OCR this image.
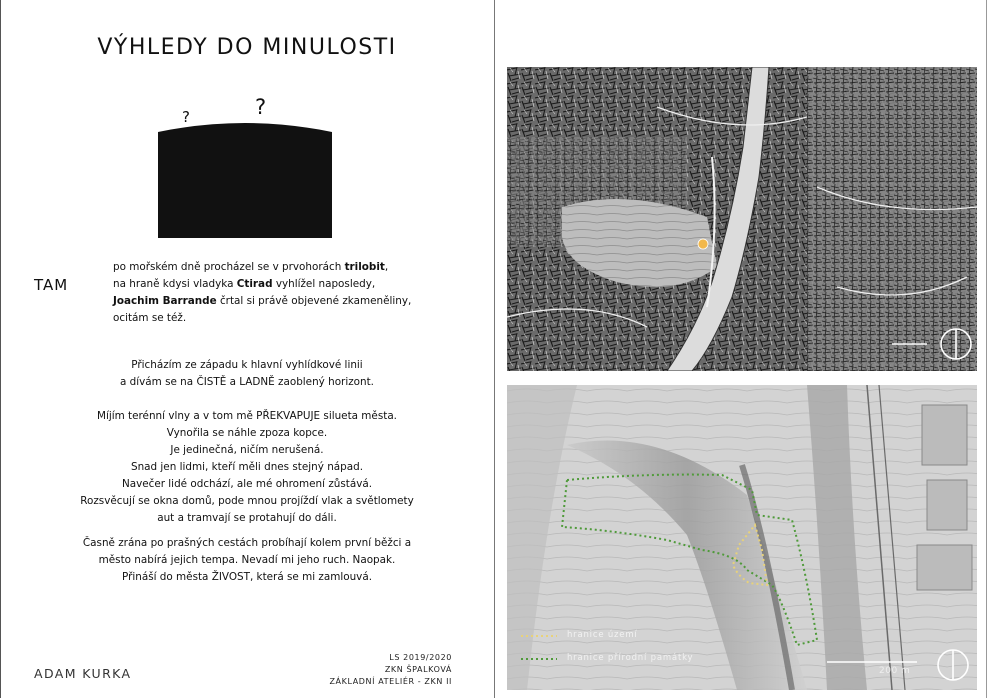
VÝHLEDY DO MINULOSTI
?	?
TAM

po mořském dně procházel se v prvohorách trilobit,

na hraně kdysi vladyka Ctirad vyhlížel naposledy,

Joachim Barrande črtal si právě objevené zkameněliny,

ocitám se též.

Přicházím ze západu k hlavní vyhlídkové linii

a dívám se na ČISTĚ a LADNĚ zaoblený horizont.

Míjím terénní vlny a v tom mě PŘEKVAPUJE silueta města.

Vynořila se náhle zpoza kopce.

Je jedinečná, ničím nerušená.

Snad jen lidmi, kteří měli dnes stejný nápad.

Navečer lidé odchází, ale mé ohromení zůstává.

Rozsvěcují se okna domů, pode mnou projíždí vlak a světlomety

aut a tramvají se protahují do dáli.

Časně zrána po prašných cestách probíhají kolem první běžci a

město nabírá jejich tempa. Nevadí mi jeho ruch. Naopak.

Přináší do města ŽIVOST, která se mi zamlouvá.

ADAM KURKA
LS 2019/2020
ZKN ŠPALKOVÁ
ZÁKLADNÍ ATELIÉR - ZKN II
hranice území
hranice přírodní památky
200 m
